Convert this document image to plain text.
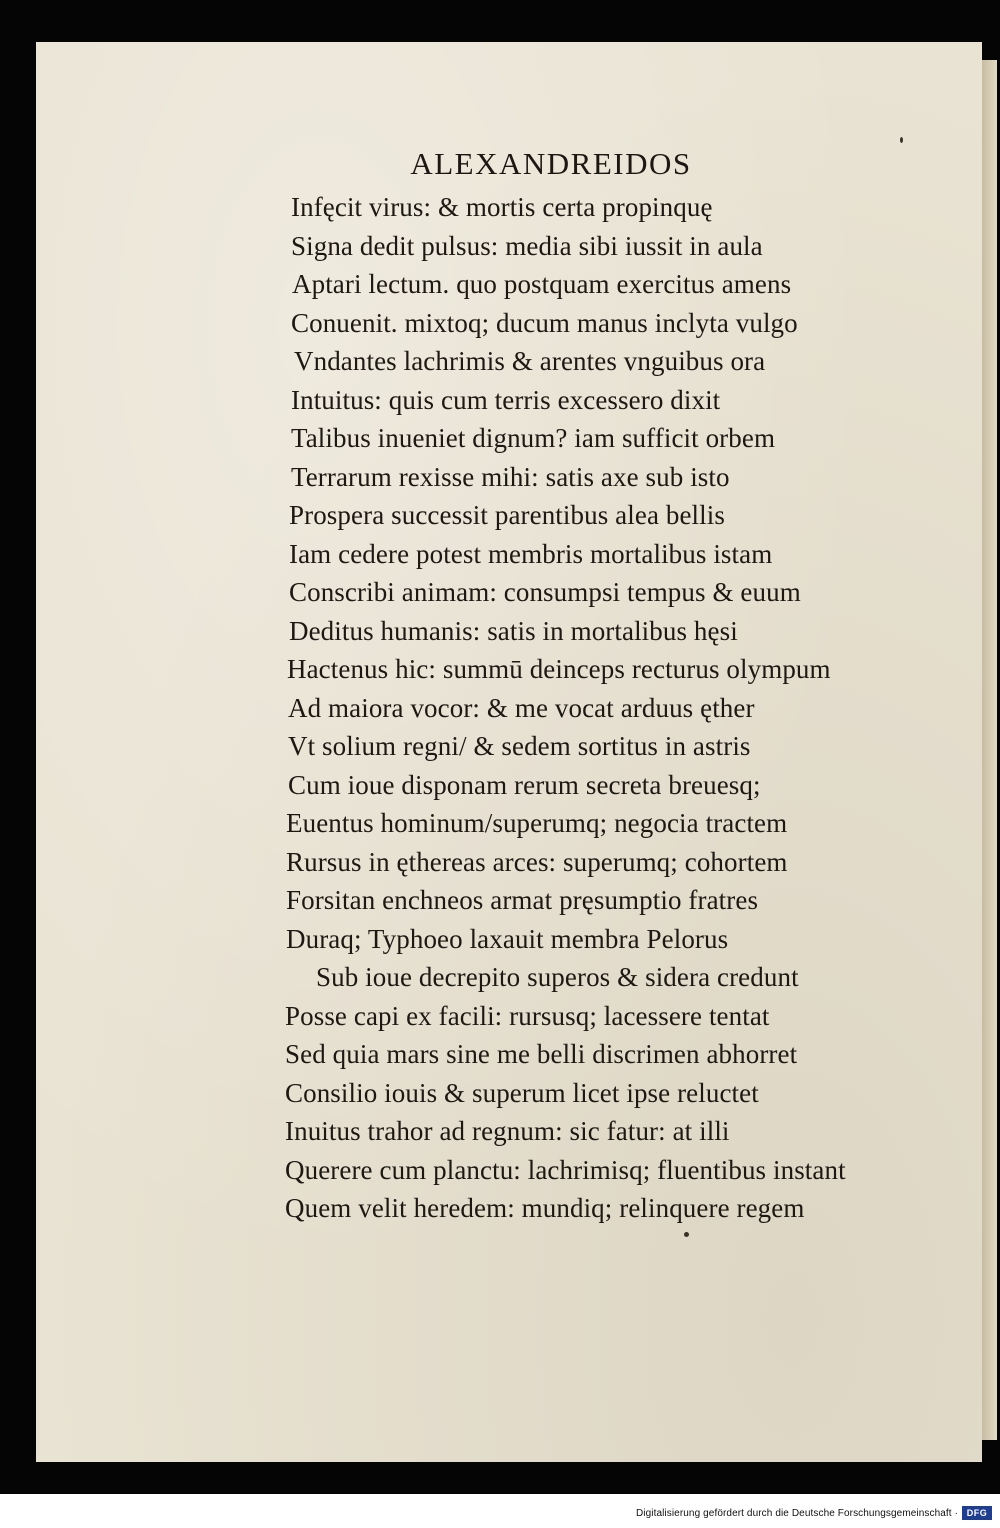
ALEXANDREIDOS
Infęcit virus: & mortis certa propinquę
Signa dedit pulsus: media sibi iussit in aula
Aptari lectum. quo postquam exercitus amens
Conuenit. mixtoq; ducum manus inclyta vulgo
Vndantes lachrimis & arentes vnguibus ora
Intuitus: quis cum terris excessero dixit
Talibus inueniet dignum? iam sufficit orbem
Terrarum rexisse mihi: satis axe sub isto
Prospera successit parentibus alea bellis
Iam cedere potest membris mortalibus istam
Conscribi animam: consumpsi tempus & euum
Deditus humanis: satis in mortalibus hęsi
Hactenus hic: summū deinceps recturus olympum
Ad maiora vocor: & me vocat arduus ęther
Vt solium regni/ & sedem sortitus in astris
Cum ioue disponam rerum secreta breuesq;
Euentus hominum/superumq; negocia tractem
Rursus in ęthereas arces: superumq; cohortem
Forsitan enchneos armat pręsumptio fratres
Duraq; Typhoeo laxauit membra Pelorus
Sub ioue decrepito superos & sidera credunt
Posse capi ex facili: rursusq; lacessere tentat
Sed quia mars sine me belli discrimen abhorret
Consilio iouis & superum licet ipse reluctet
Inuitus trahor ad regnum: sic fatur: at illi
Querere cum planctu: lachrimisq; fluentibus instant
Quem velit heredem: mundiq; relinquere regem
Digitalisierung gefördert durch die Deutsche Forschungsgemeinschaft · DFG
